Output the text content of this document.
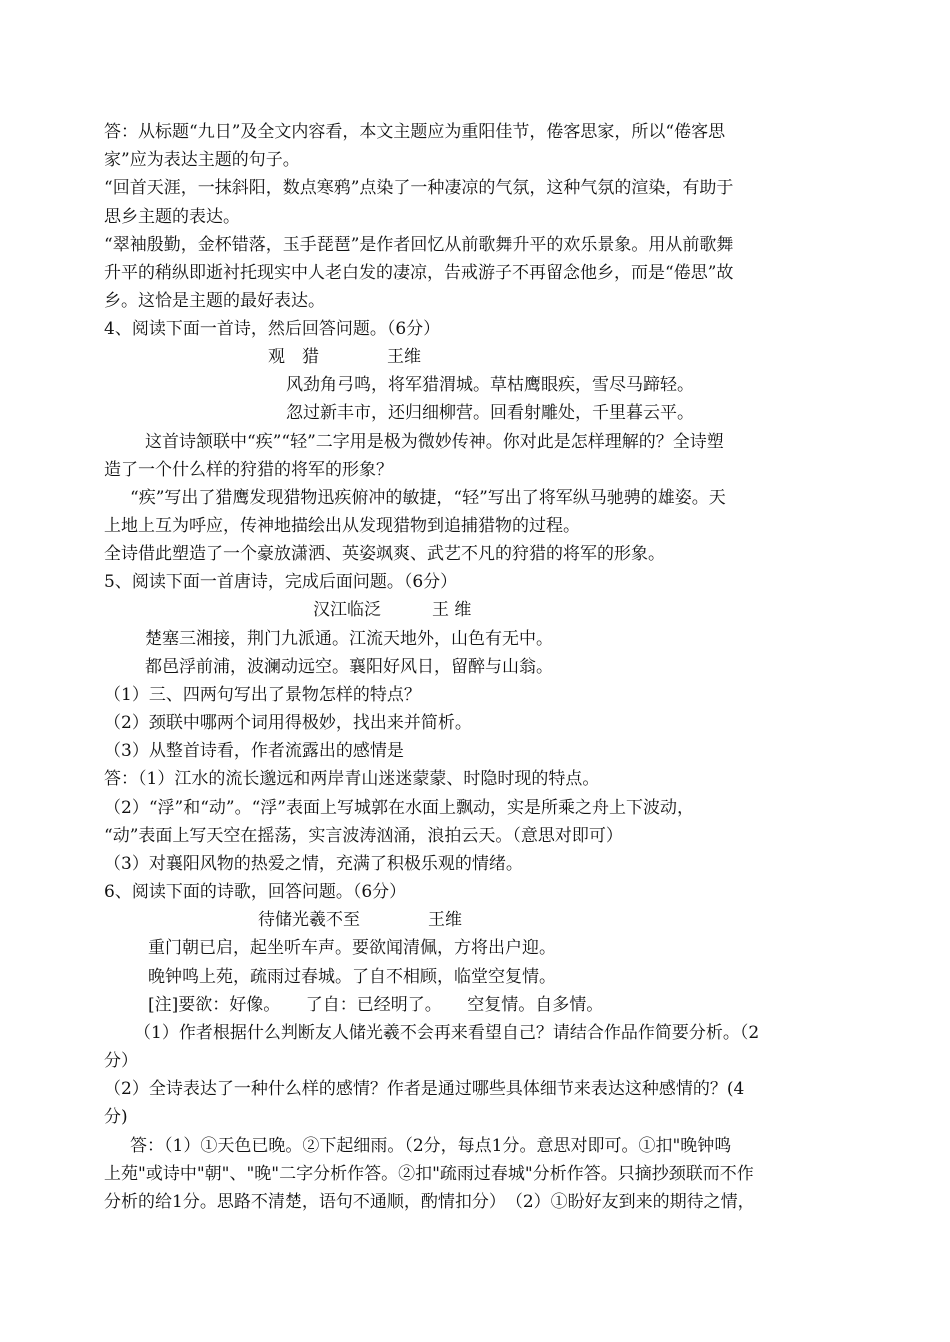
答：从标题“九日”及全文内容看，本文主题应为重阳佳节，倦客思家，所以“倦客思
家”应为表达主题的句子。
“回首天涯，一抹斜阳，数点寒鸦”点染了一种凄凉的气氛，这种气氛的渲染，有助于
思乡主题的表达。
“翠袖殷勤，金杯错落，玉手琵琶”是作者回忆从前歌舞升平的欢乐景象。用从前歌舞
升平的稍纵即逝衬托现实中人老白发的凄凉，告戒游子不再留念他乡，而是“倦思”故
乡。这恰是主题的最好表达。
4、阅读下面一首诗，然后回答问题。（6分）
观　猎　　　　王维
风劲角弓鸣，将军猎渭城。草枯鹰眼疾，雪尽马蹄轻。
忽过新丰市，还归细柳营。回看射雕处，千里暮云平。
这首诗颔联中“疾”“轻”二字用是极为微妙传神。你对此是怎样理解的？全诗塑
造了一个什么样的狩猎的将军的形象？
“疾”写出了猎鹰发现猎物迅疾俯冲的敏捷，“轻”写出了将军纵马驰骋的雄姿。天
上地上互为呼应，传神地描绘出从发现猎物到追捕猎物的过程。
全诗借此塑造了一个豪放潇洒、英姿飒爽、武艺不凡的狩猎的将军的形象。
5、阅读下面一首唐诗，完成后面问题。（6分）
汉江临泛　　　王 维
楚塞三湘接，荆门九派通。江流天地外，山色有无中。
都邑浮前浦，波澜动远空。襄阳好风日，留醉与山翁。
（1）三、四两句写出了景物怎样的特点？
（2）颈联中哪两个词用得极妙，找出来并简析。
（3）从整首诗看，作者流露出的感情是
答：（1）江水的流长邈远和两岸青山迷迷蒙蒙、时隐时现的特点。
（2）“浮”和“动”。“浮”表面上写城郭在水面上飘动，实是所乘之舟上下波动，
“动”表面上写天空在摇荡，实言波涛汹涌，浪拍云天。（意思对即可）
（3）对襄阳风物的热爱之情，充满了积极乐观的情绪。
6、阅读下面的诗歌，回答问题。（6分）
待储光羲不至　　　　王维
重门朝已启，起坐听车声。要欲闻清佩，方将出户迎。
晚钟鸣上苑，疏雨过春城。了自不相顾，临堂空复情。
[注]要欲：好像。　　了自：已经明了。　　空复情。自多情。
（1）作者根据什么判断友人储光羲不会再来看望自己？请结合作品作简要分析。（2
分）
（2）全诗表达了一种什么样的感情？作者是通过哪些具体细节来表达这种感情的？(4
分)
答：（1）①天色已晚。②下起细雨。（2分，每点1分。意思对即可。①扣"晚钟鸣
上苑"或诗中"朝"、"晚"二字分析作答。②扣"疏雨过春城"分析作答。只摘抄颈联而不作
分析的给1分。思路不清楚，语句不通顺，酌情扣分）　（2）①盼好友到来的期待之情，
